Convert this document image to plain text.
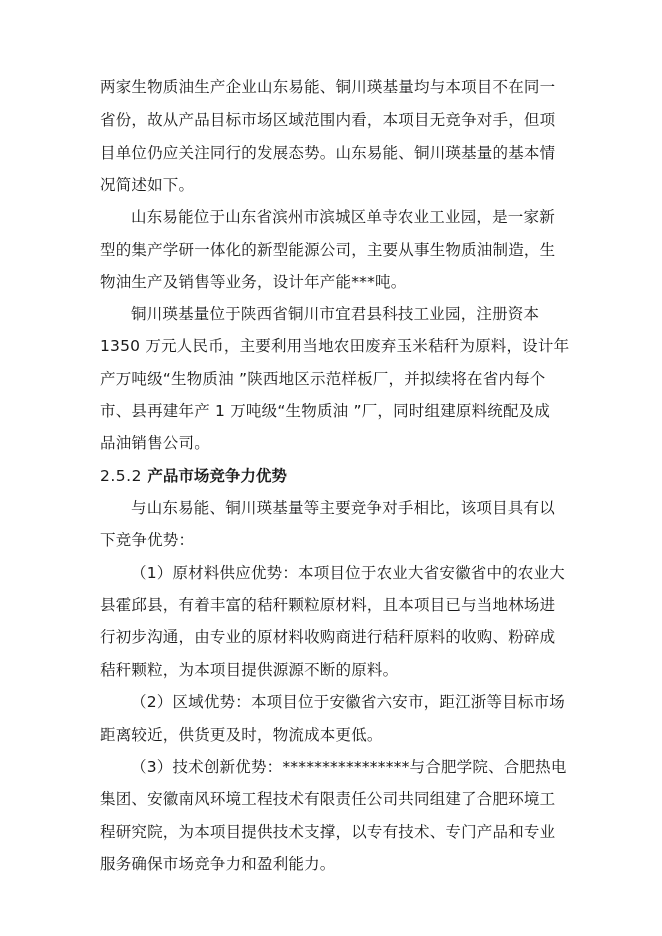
两家生物质油生产企业山东易能、铜川瑛基量均与本项目不在同一
省份，故从产品目标市场区域范围内看，本项目无竞争对手，但项
目单位仍应关注同行的发展态势。山东易能、铜川瑛基量的基本情
况简述如下。
山东易能位于山东省滨州市滨城区单寺农业工业园，是一家新
型的集产学研一体化的新型能源公司，主要从事生物质油制造，生
物油生产及销售等业务，设计年产能***吨。
铜川瑛基量位于陕西省铜川市宜君县科技工业园，注册资本
1350 万元人民币，主要利用当地农田废弃玉米秸秆为原料，设计年
产万吨级“生物质油 ”陕西地区示范样板厂，并拟续将在省内每个
市、县再建年产 1 万吨级“生物质油 ”厂，同时组建原料统配及成
品油销售公司。
2.5.2 产品市场竞争力优势
与山东易能、铜川瑛基量等主要竞争对手相比，该项目具有以
下竞争优势：
（1）原材料供应优势：本项目位于农业大省安徽省中的农业大
县霍邱县，有着丰富的秸秆颗粒原材料，且本项目已与当地林场进
行初步沟通，由专业的原材料收购商进行秸秆原料的收购、粉碎成
秸秆颗粒，为本项目提供源源不断的原料。
（2）区域优势：本项目位于安徽省六安市，距江浙等目标市场
距离较近，供货更及时，物流成本更低。
（3）技术创新优势：****************与合肥学院、合肥热电
集团、安徽南风环境工程技术有限责任公司共同组建了合肥环境工
程研究院，为本项目提供技术支撑，以专有技术、专门产品和专业
服务确保市场竞争力和盈利能力。
